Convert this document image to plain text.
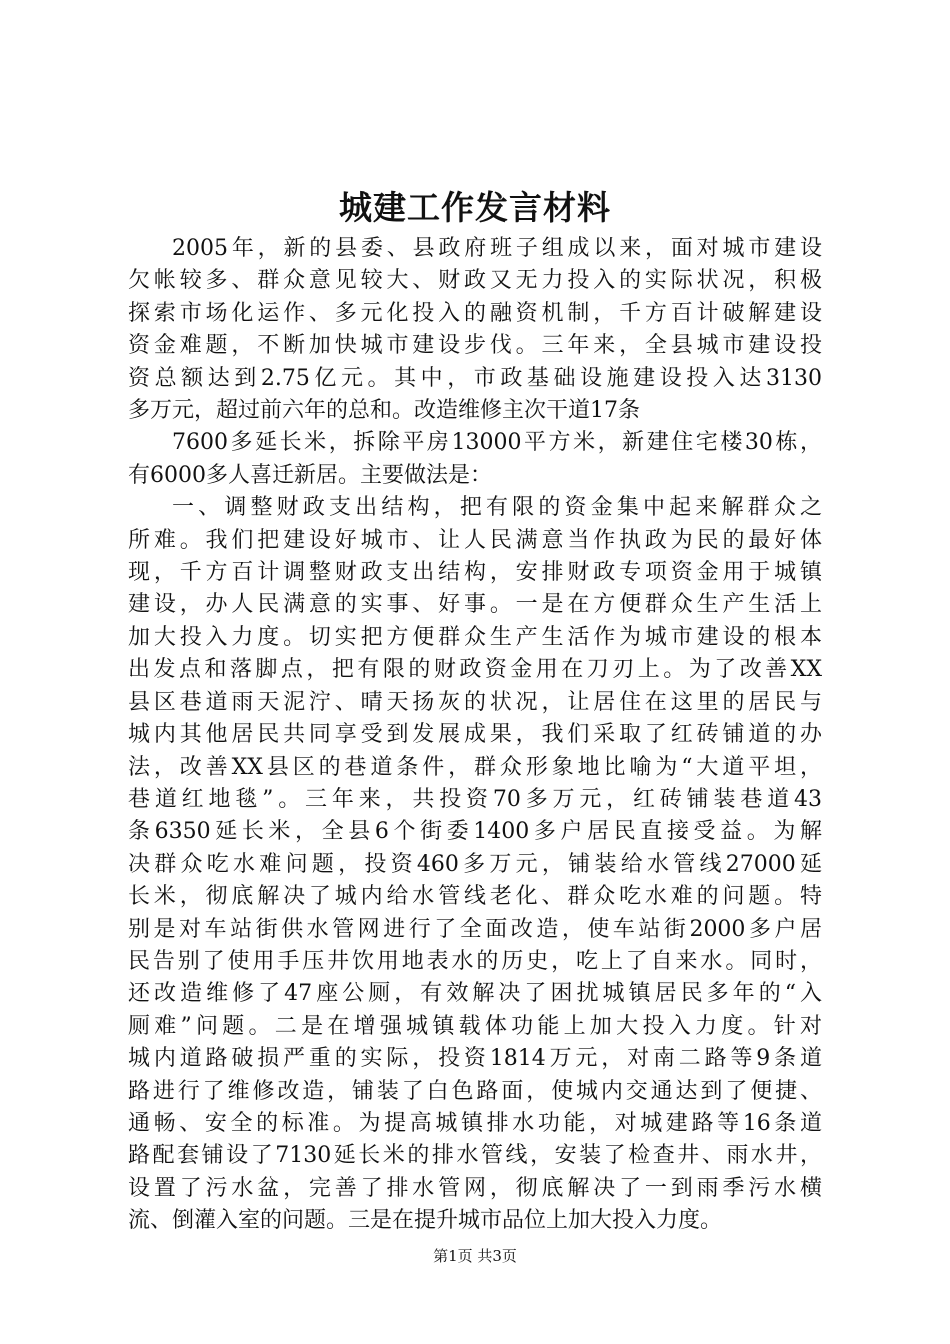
城建工作发言材料
2005年，新的县委、县政府班子组成以来，面对城市建设
欠帐较多、群众意见较大、财政又无力投入的实际状况，积极
探索市场化运作、多元化投入的融资机制，千方百计破解建设
资金难题，不断加快城市建设步伐。三年来，全县城市建设投
资总额达到2.75亿元。其中，市政基础设施建设投入达3130
多万元，超过前六年的总和。改造维修主次干道17条
7600多延长米，拆除平房13000平方米，新建住宅楼30栋，
有6000多人喜迁新居。主要做法是：
一、调整财政支出结构，把有限的资金集中起来解群众之
所难。我们把建设好城市、让人民满意当作执政为民的最好体
现，千方百计调整财政支出结构，安排财政专项资金用于城镇
建设，办人民满意的实事、好事。一是在方便群众生产生活上
加大投入力度。切实把方便群众生产生活作为城市建设的根本
出发点和落脚点，把有限的财政资金用在刀刃上。为了改善XX
县区巷道雨天泥泞、晴天扬灰的状况，让居住在这里的居民与
城内其他居民共同享受到发展成果，我们采取了红砖铺道的办
法，改善XX县区的巷道条件，群众形象地比喻为“大道平坦，
巷道红地毯”。三年来，共投资70多万元，红砖铺装巷道43
条6350延长米，全县6个街委1400多户居民直接受益。为解
决群众吃水难问题，投资460多万元，铺装给水管线27000延
长米，彻底解决了城内给水管线老化、群众吃水难的问题。特
别是对车站街供水管网进行了全面改造，使车站街2000多户居
民告别了使用手压井饮用地表水的历史，吃上了自来水。同时，
还改造维修了47座公厕，有效解决了困扰城镇居民多年的“入
厕难”问题。二是在增强城镇载体功能上加大投入力度。针对
城内道路破损严重的实际，投资1814万元，对南二路等9条道
路进行了维修改造，铺装了白色路面，使城内交通达到了便捷、
通畅、安全的标准。为提高城镇排水功能，对城建路等16条道
路配套铺设了7130延长米的排水管线，安装了检查井、雨水井，
设置了污水盆，完善了排水管网，彻底解决了一到雨季污水横
流、倒灌入室的问题。三是在提升城市品位上加大投入力度。
第1页 共3页
